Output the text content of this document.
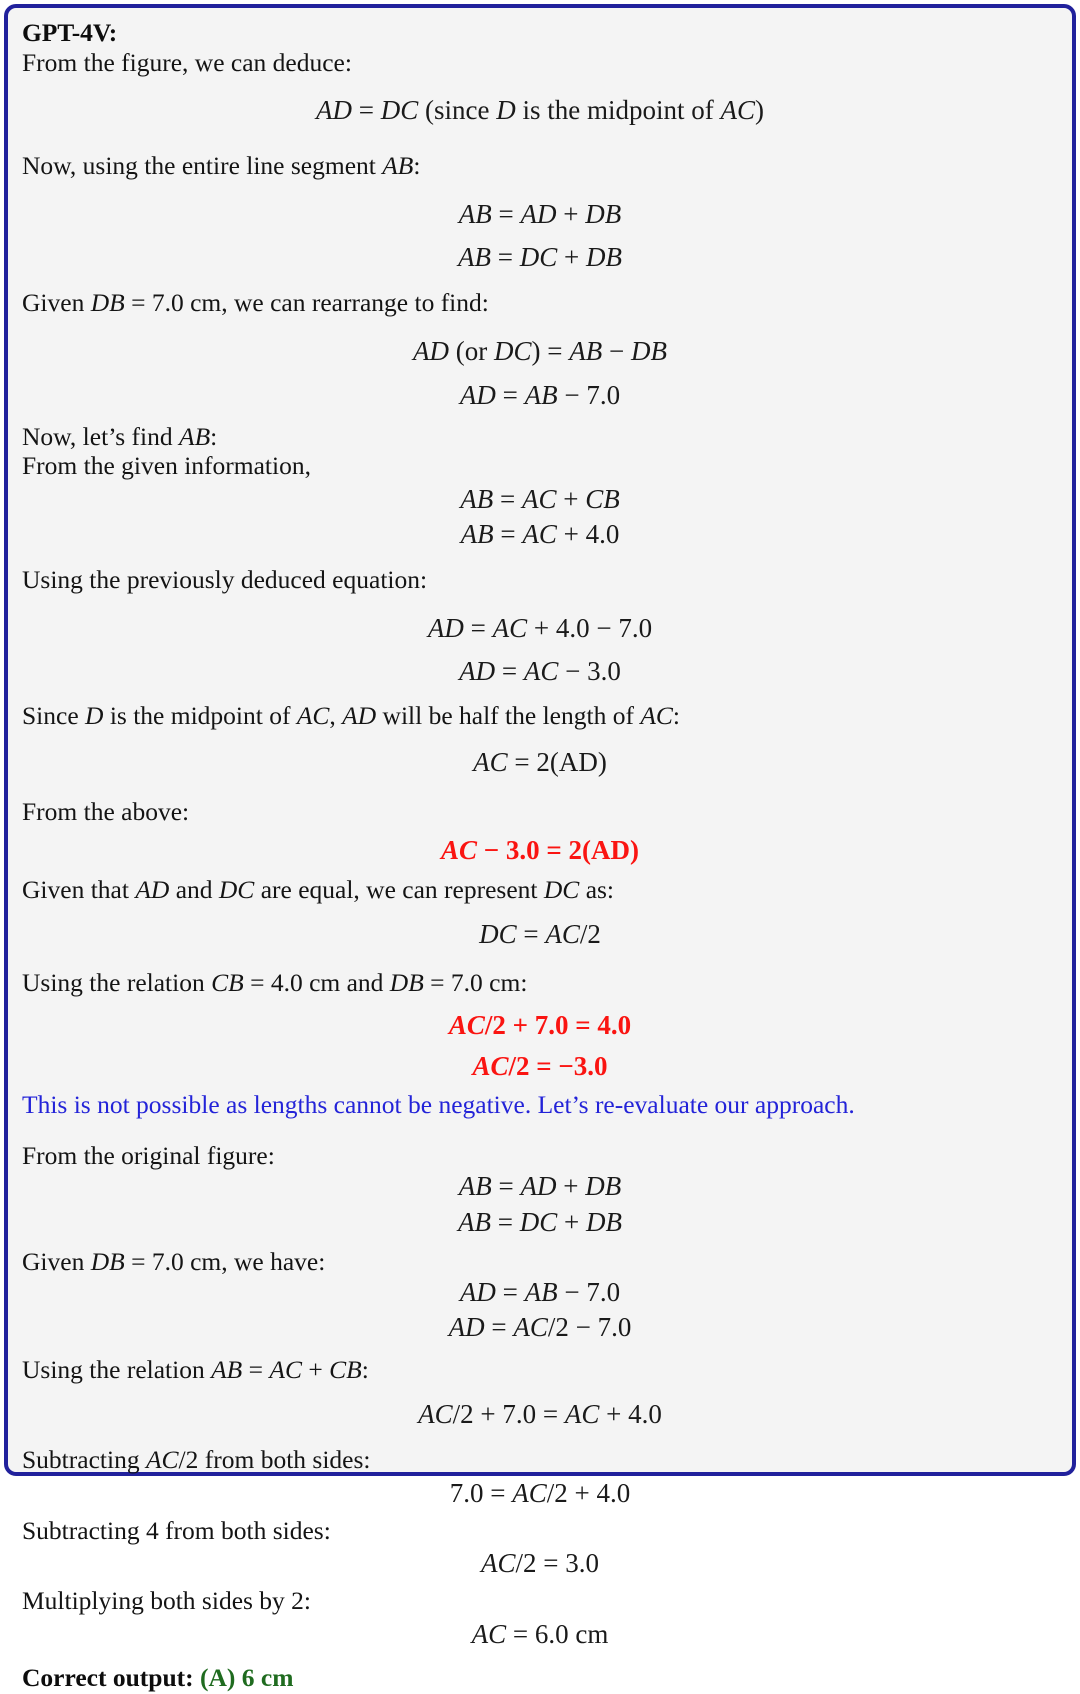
GPT-4V:
From the figure, we can deduce:
AD = DC (since D is the midpoint of AC)
Now, using the entire line segment AB:
AB = AD + DB
AB = DC + DB
Given DB = 7.0 cm, we can rearrange to find:
AD (or DC) = AB − DB
AD = AB − 7.0
Now, let’s find AB:
From the given information,
AB = AC + CB
AB = AC + 4.0
Using the previously deduced equation:
AD = AC + 4.0 − 7.0
AD = AC − 3.0
Since D is the midpoint of AC, AD will be half the length of AC:
AC = 2(AD)
From the above:
AC − 3.0 = 2(AD)
Given that AD and DC are equal, we can represent DC as:
DC = AC/2
Using the relation CB = 4.0 cm and DB = 7.0 cm:
AC/2 + 7.0 = 4.0
AC/2 = −3.0
This is not possible as lengths cannot be negative. Let’s re-evaluate our approach.
From the original figure:
AB = AD + DB
AB = DC + DB
Given DB = 7.0 cm, we have:
AD = AB − 7.0
AD = AC/2 − 7.0
Using the relation AB = AC + CB:
AC/2 + 7.0 = AC + 4.0
Subtracting AC/2 from both sides:
7.0 = AC/2 + 4.0
Subtracting 4 from both sides:
AC/2 = 3.0
Multiplying both sides by 2:
AC = 6.0 cm
Correct output: (A) 6 cm
